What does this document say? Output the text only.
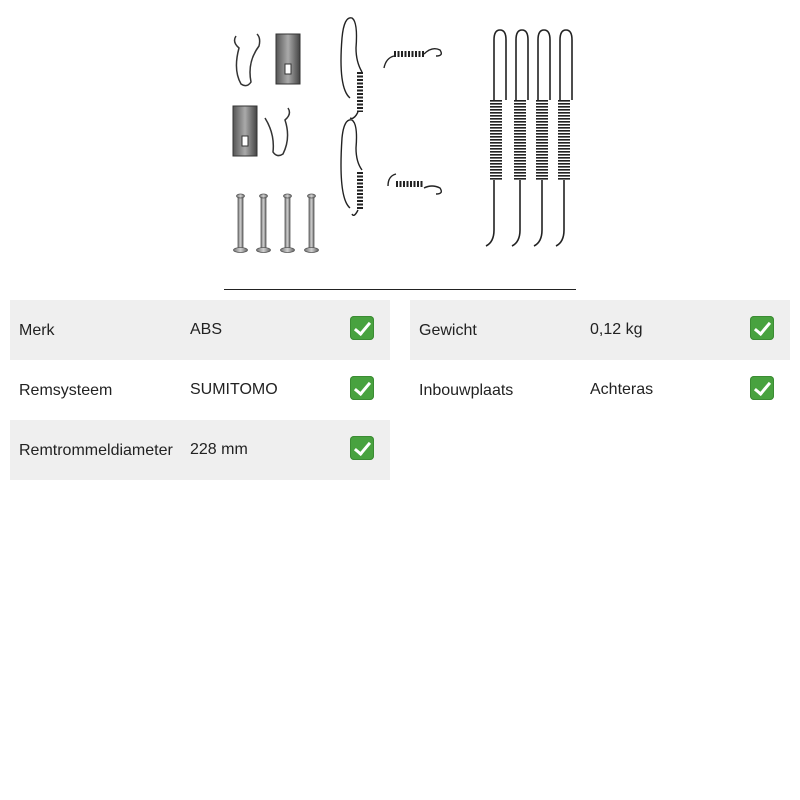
Merk	ABS
Remsysteem	SUMITOMO
Remtrommeldiameter 228 mm
Gewicht	0,12 kg
Inbouwplaats	Achteras
